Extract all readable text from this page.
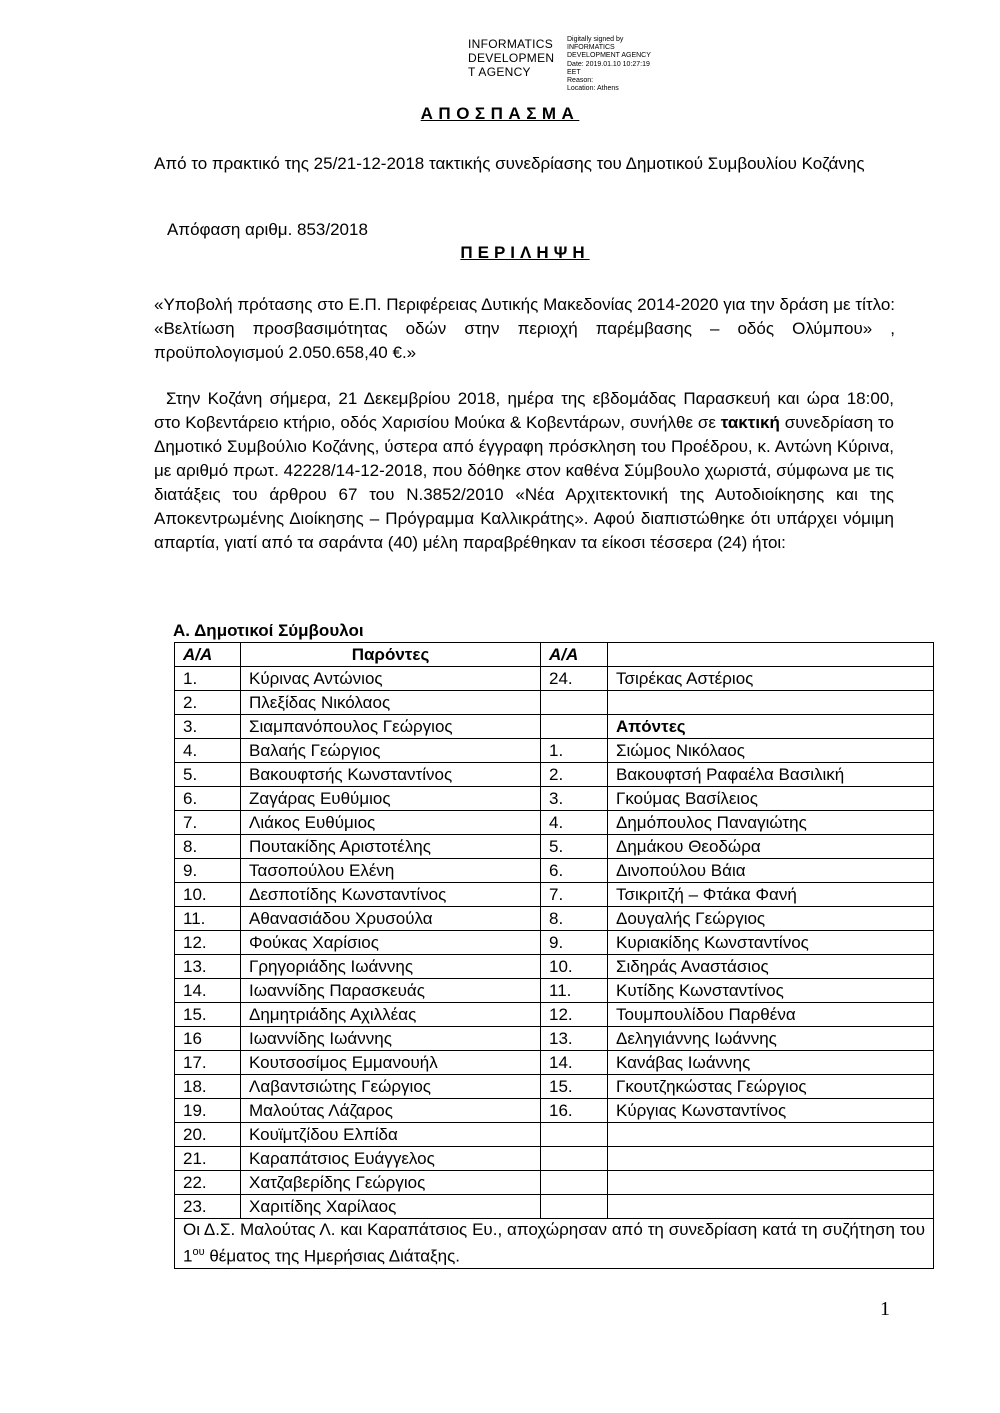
INFORMATICS
DEVELOPMEN
T AGENCY
Digitally signed by
INFORMATICS
DEVELOPMENT AGENCY
Date: 2019.01.10 10:27:19
EET
Reason:
Location: Athens
ΑΠΟΣΠΑΣΜΑ
Από το πρακτικό της 25/21-12-2018 τακτικής συνεδρίασης του Δημοτικού Συμβουλίου Κοζάνης
Απόφαση αριθμ. 853/2018
ΠΕΡΙΛΗΨΗ
«Υποβολή πρότασης στο Ε.Π. Περιφέρειας Δυτικής Μακεδονίας 2014-2020 για την δράση με τίτλο: «Βελτίωση προσβασιμότητας οδών στην περιοχή παρέμβασης – οδός Ολύμπου» , προϋπολογισμού 2.050.658,40 €.»
Στην Κοζάνη σήμερα, 21 Δεκεμβρίου 2018, ημέρα της εβδομάδας Παρασκευή και ώρα 18:00, στο Κοβεντάρειο κτήριο, οδός Χαρισίου Μούκα & Κοβεντάρων, συνήλθε σε τακτική συνεδρίαση το Δημοτικό Συμβούλιο Κοζάνης, ύστερα από έγγραφη πρόσκληση του Προέδρου, κ. Αντώνη Κύρινα, με αριθμό πρωτ. 42228/14-12-2018, που δόθηκε στον καθένα Σύμβουλο χωριστά, σύμφωνα με τις διατάξεις του άρθρου 67 του Ν.3852/2010 «Νέα Αρχιτεκτονική της Αυτοδιοίκησης και της Αποκεντρωμένης Διοίκησης – Πρόγραμμα Καλλικράτης». Αφού διαπιστώθηκε ότι υπάρχει νόμιμη απαρτία, γιατί από τα σαράντα (40) μέλη παραβρέθηκαν τα είκοσι τέσσερα (24) ήτοι:
Α. Δημοτικοί Σύμβουλοι
Α/Α	Παρόντες	Α/Α	
1.	Κύρινας Αντώνιος	24.	Τσιρέκας Αστέριος
2.	Πλεξίδας Νικόλαος		
3.	Σιαμπανόπουλος Γεώργιος		Απόντες
4.	Βαλαής Γεώργιος	1.	Σιώμος Νικόλαος
5.	Βακουφτσής Κωνσταντίνος	2.	Βακουφτσή Ραφαέλα Βασιλική
6.	Ζαγάρας Ευθύμιος	3.	Γκούμας Βασίλειος
7.	Λιάκος Ευθύμιος	4.	Δημόπουλος Παναγιώτης
8.	Πουτακίδης Αριστοτέλης	5.	Δημάκου Θεοδώρα
9.	Τασοπούλου Ελένη	6.	Δινοπούλου Βάια
10.	Δεσποτίδης Κωνσταντίνος	7.	Τσικριτζή – Φτάκα Φανή
11.	Αθανασιάδου Χρυσούλα	8.	Δουγαλής Γεώργιος
12.	Φούκας Χαρίσιος	9.	Κυριακίδης Κωνσταντίνος
13.	Γρηγοριάδης Ιωάννης	10.	Σιδηράς Αναστάσιος
14.	Ιωαννίδης Παρασκευάς	11.	Κυτίδης Κωνσταντίνος
15.	Δημητριάδης Αχιλλέας	12.	Τουμπουλίδου Παρθένα
16	Ιωαννίδης Ιωάννης	13.	Δεληγιάννης Ιωάννης
17.	Κουτσοσίμος Εμμανουήλ	14.	Κανάβας Ιωάννης
18.	Λαβαντσιώτης Γεώργιος	15.	Γκουτζηκώστας Γεώργιος
19.	Μαλούτας Λάζαρος	16.	Κύργιας Κωνσταντίνος
20.	Κουϊμτζίδου Ελπίδα		
21.	Καραπάτσιος Ευάγγελος		
22.	Χατζαβερίδης Γεώργιος		
23.	Χαριτίδης Χαρίλαος		
Οι Δ.Σ. Μαλούτας Λ. και Καραπάτσιος Ευ., αποχώρησαν από τη συνεδρίαση κατά τη συζήτηση του $1^{o\upsilon}$ θέματος της Ημερήσιας Διάταξης.			
1
